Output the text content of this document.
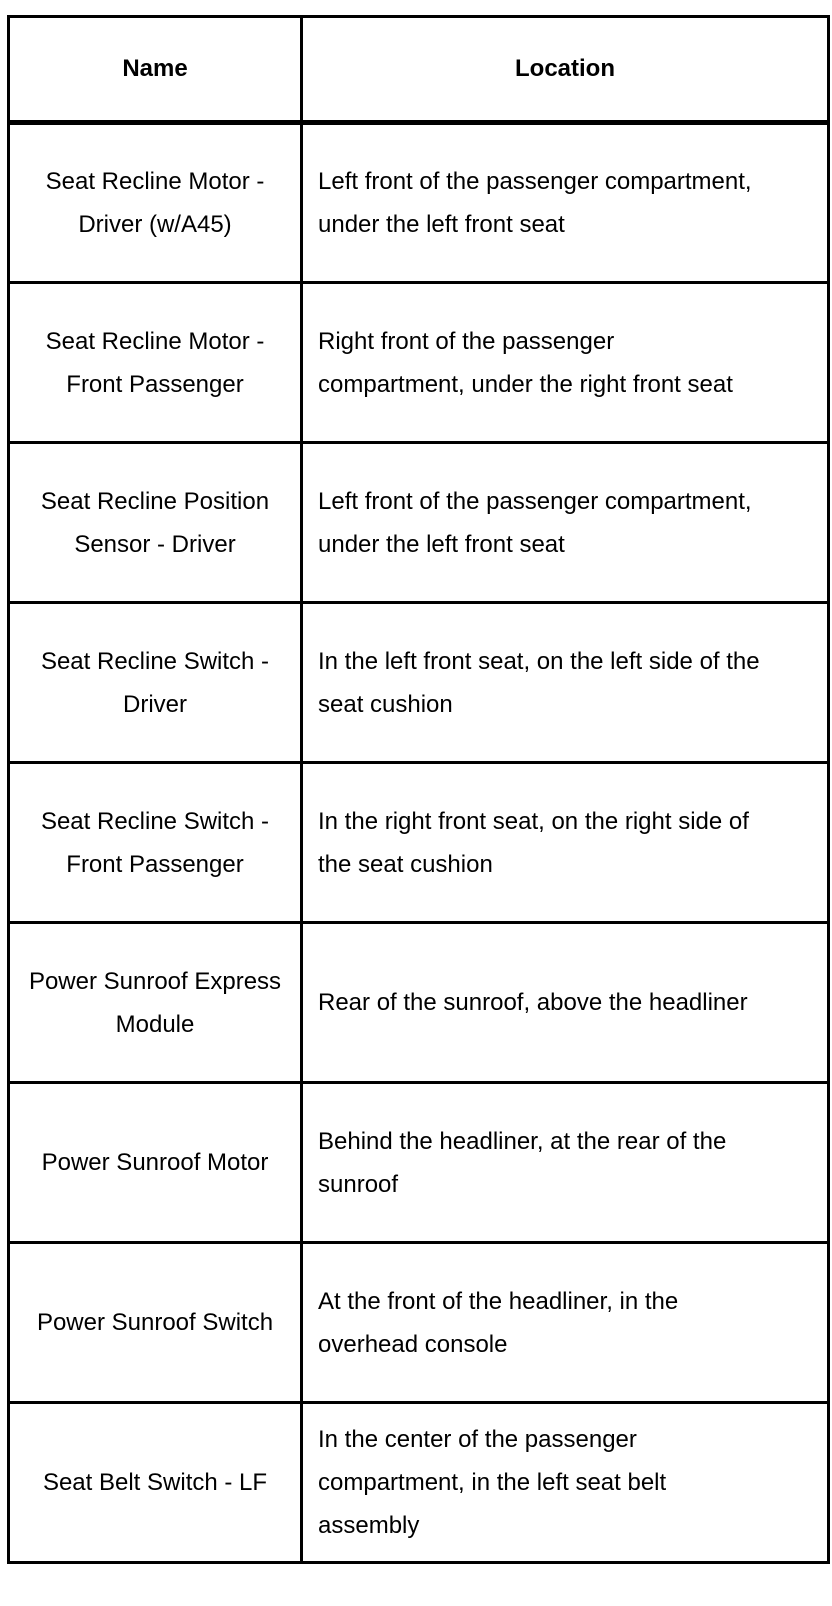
Name	Location
Seat Recline Motor - Driver (w/A45)	Left front of the passenger compartment, under the left front seat
Seat Recline Motor - Front Passenger	Right front of the passenger compartment, under the right front seat
Seat Recline Position Sensor - Driver	Left front of the passenger compartment, under the left front seat
Seat Recline Switch - Driver	In the left front seat, on the left side of the seat cushion
Seat Recline Switch - Front Passenger	In the right front seat, on the right side of the seat cushion
Power Sunroof Express Module	Rear of the sunroof, above the headliner
Power Sunroof Motor	Behind the headliner, at the rear of the sunroof
Power Sunroof Switch	At the front of the headliner, in the overhead console
Seat Belt Switch - LF	In the center of the passenger compartment, in the left seat belt assembly
